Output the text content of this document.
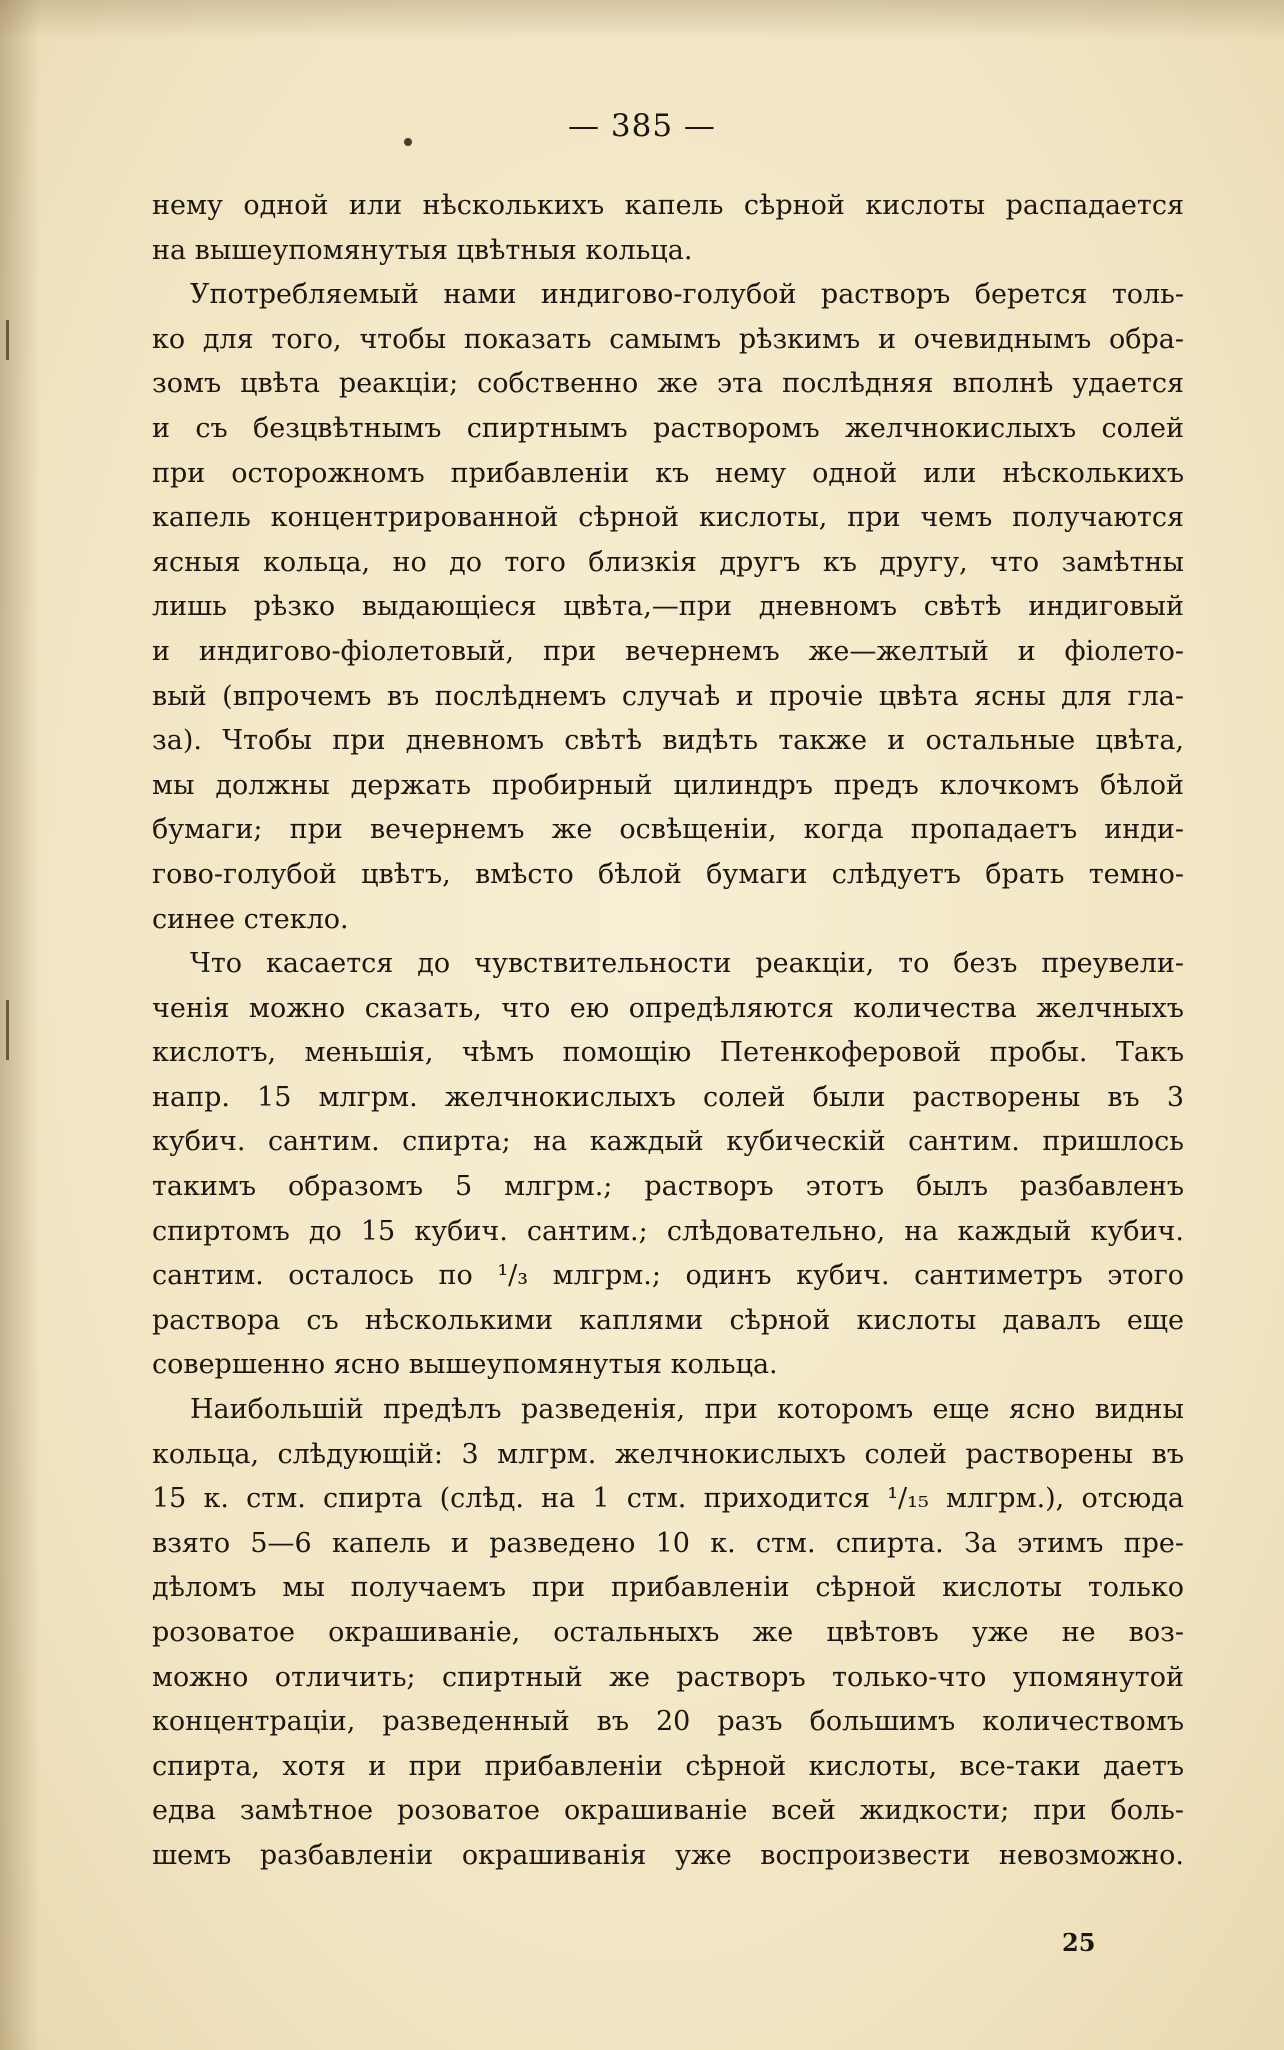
— 385 —

нему одной или нѣсколькихъ капель сѣрной кислоты распадается
на вышеупомянутыя цвѣтныя кольца.

Употребляемый нами индигово-голубой растворъ берется толь-
ко для того, чтобы показать самымъ рѣзкимъ и очевиднымъ обра-
зомъ цвѣта реакціи; собственно же эта послѣдняя вполнѣ удается
и съ безцвѣтнымъ спиртнымъ растворомъ желчнокислыхъ солей
при осторожномъ прибавленіи къ нему одной или нѣсколькихъ
капель концентрированной сѣрной кислоты, при чемъ получаются
ясныя кольца, но до того близкія другъ къ другу, что замѣтны
лишь рѣзко выдающіеся цвѣта,—при дневномъ свѣтѣ индиговый
и индигово-фіолетовый, при вечернемъ же—желтый и фіолето-
вый (впрочемъ въ послѣднемъ случаѣ и прочіе цвѣта ясны для гла-
за). Чтобы при дневномъ свѣтѣ видѣть также и остальные цвѣта,
мы должны держать пробирный цилиндръ предъ клочкомъ бѣлой
бумаги; при вечернемъ же освѣщеніи, когда пропадаетъ инди-
гово-голубой цвѣтъ, вмѣсто бѣлой бумаги слѣдуетъ брать темно-
синее стекло.

Что касается до чувствительности реакціи, то безъ преувели-
ченія можно сказать, что ею опредѣляются количества желчныхъ
кислотъ, меньшія, чѣмъ помощію Петенкоферовой пробы. Такъ
напр. 15 млгрм. желчнокислыхъ солей были растворены въ 3
кубич. сантим. спирта; на каждый кубическій сантим. пришлось
такимъ образомъ 5 млгрм.; растворъ этотъ былъ разбавленъ
спиртомъ до 15 кубич. сантим.; слѣдовательно, на каждый кубич.
сантим. осталось по ¹/₃ млгрм.; одинъ кубич. сантиметръ этого
раствора съ нѣсколькими каплями сѣрной кислоты давалъ еще
совершенно ясно вышеупомянутыя кольца.

Наибольшій предѣлъ разведенія, при которомъ еще ясно видны
кольца, слѣдующій: 3 млгрм. желчнокислыхъ солей растворены въ
15 к. стм. спирта (слѣд. на 1 стм. приходится ¹/₁₅ млгрм.), отсюда
взято 5—6 капель и разведено 10 к. стм. спирта. За этимъ пре-
дѣломъ мы получаемъ при прибавленіи сѣрной кислоты только
розоватое окрашиваніе, остальныхъ же цвѣтовъ уже не воз-
можно отличить; спиртный же растворъ только-что упомянутой
концентраціи, разведенный въ 20 разъ большимъ количествомъ
спирта, хотя и при прибавленіи сѣрной кислоты, все-таки даетъ
едва замѣтное розоватое окрашиваніе всей жидкости; при боль-
шемъ разбавленіи окрашиванія уже воспроизвести невозможно.

25
